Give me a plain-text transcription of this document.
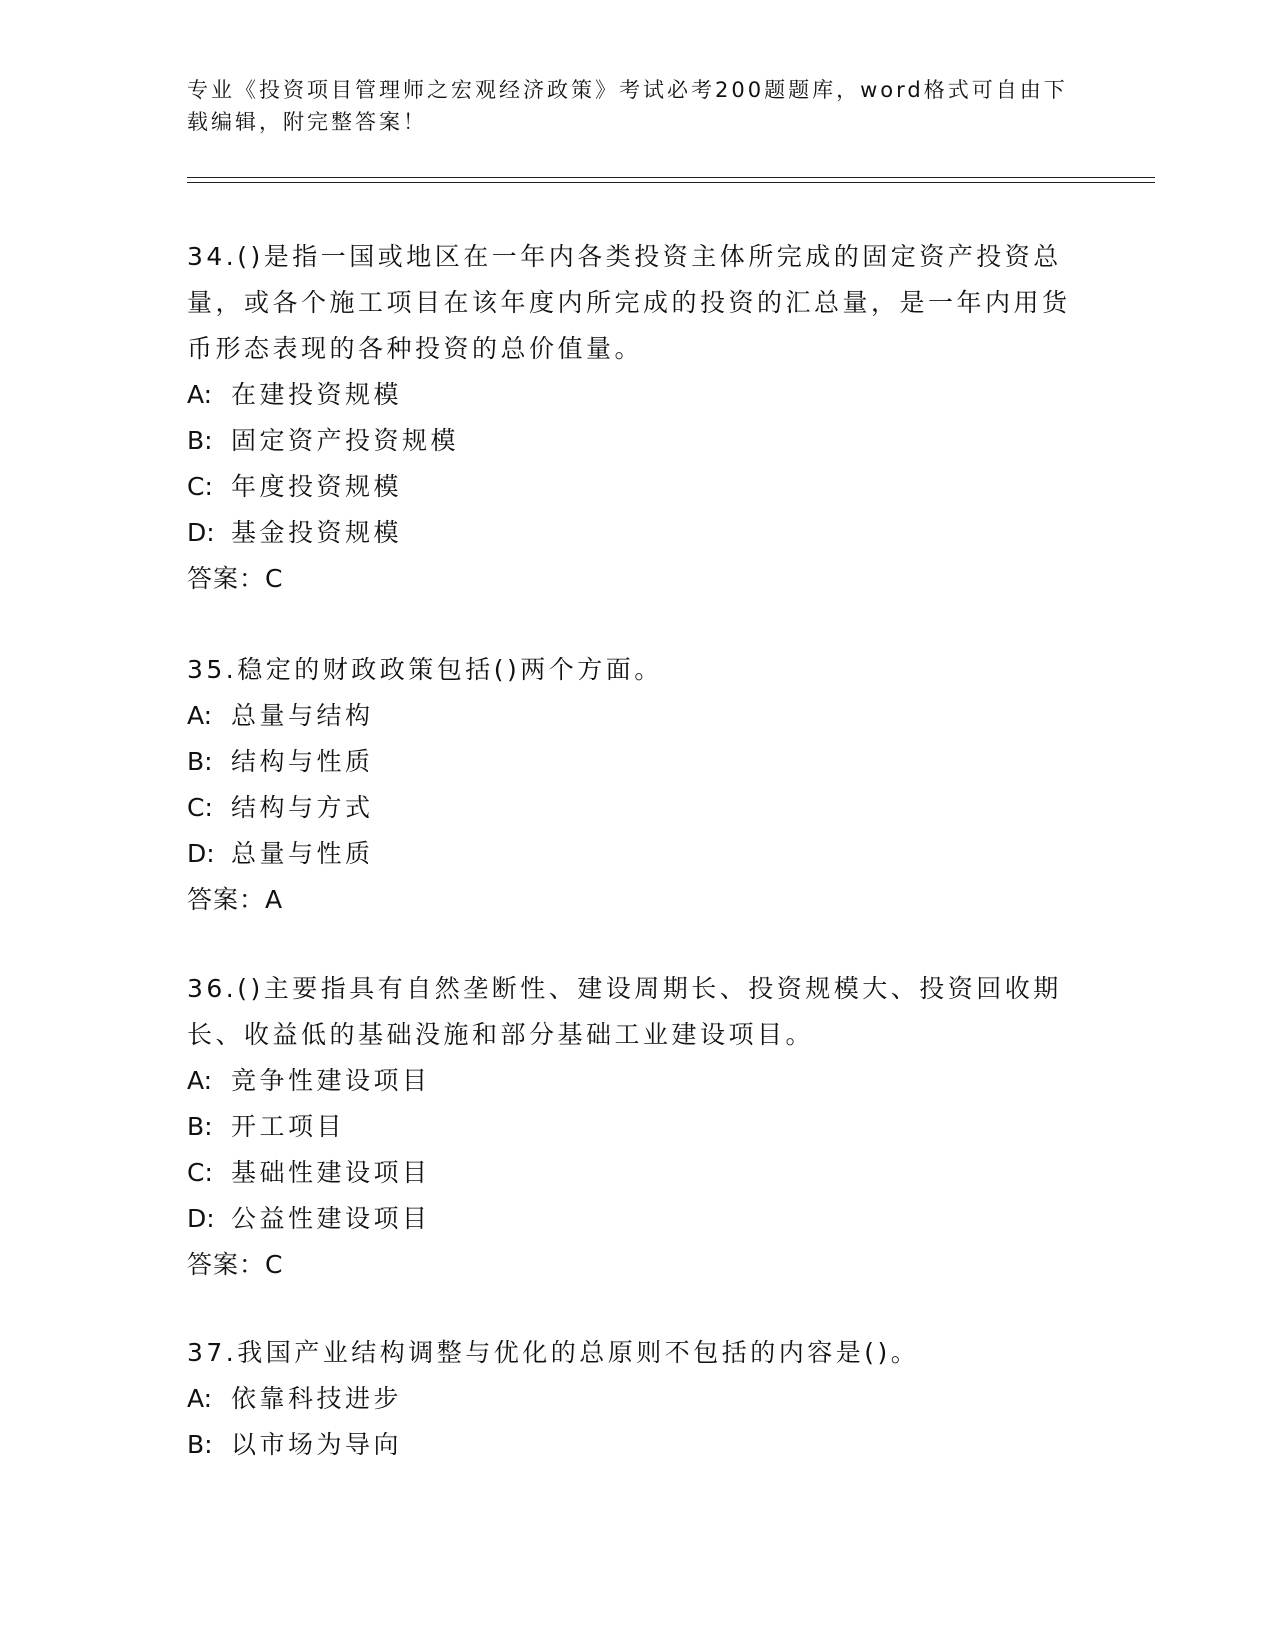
专业《投资项目管理师之宏观经济政策》考试必考200题题库，word格式可自由下载编辑，附完整答案！

34.()是指一国或地区在一年内各类投资主体所完成的固定资产投资总量，或各个施工项目在该年度内所完成的投资的汇总量，是一年内用货币形态表现的各种投资的总价值量。

A: 在建投资规模

B: 固定资产投资规模

C: 年度投资规模

D: 基金投资规模

答案：C

35.稳定的财政政策包括()两个方面。

A: 总量与结构

B: 结构与性质

C: 结构与方式

D: 总量与性质

答案：A

36.()主要指具有自然垄断性、建设周期长、投资规模大、投资回收期长、收益低的基础没施和部分基础工业建设项目。

A: 竞争性建设项目

B: 开工项目

C: 基础性建设项目

D: 公益性建设项目

答案：C

37.我国产业结构调整与优化的总原则不包括的内容是()。

A: 依靠科技进步

B: 以市场为导向
